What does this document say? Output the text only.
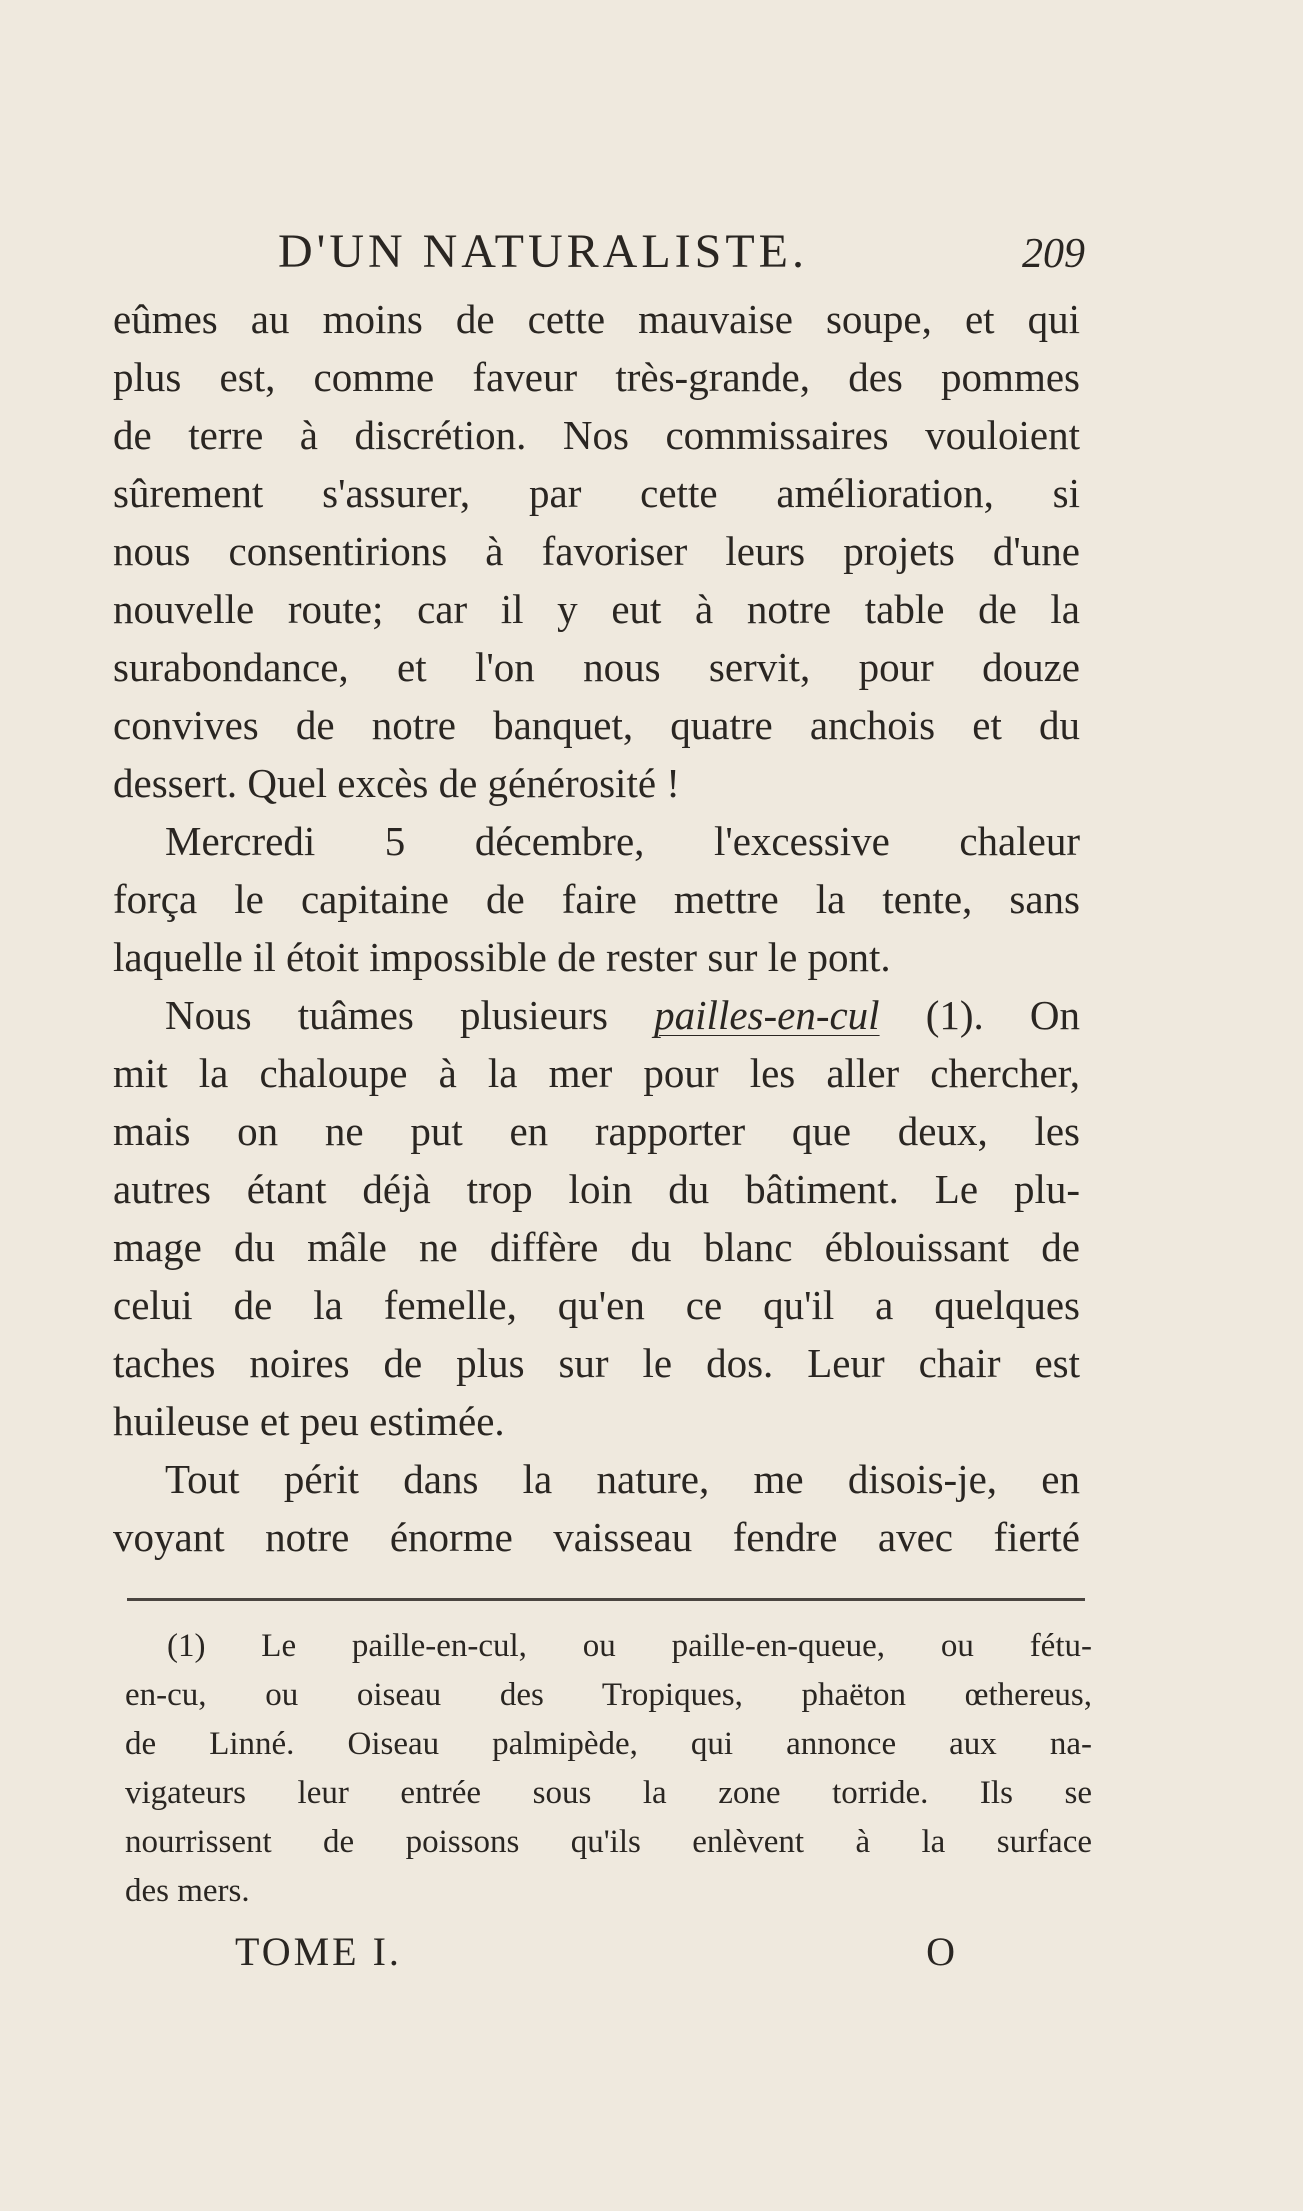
D'UN NATURALISTE.	209
eûmes au moins de cette mauvaise soupe, et qui
plus est, comme faveur très-grande, des pommes
de terre à discrétion. Nos commissaires vouloient
sûrement s'assurer, par cette amélioration, si
nous consentirions à favoriser leurs projets d'une
nouvelle route; car il y eut à notre table de la
surabondance, et l'on nous servit, pour douze
convives de notre banquet, quatre anchois et du
dessert. Quel excès de générosité !
Mercredi 5 décembre, l'excessive chaleur
força le capitaine de faire mettre la tente, sans
laquelle il étoit impossible de rester sur le pont.
Nous tuâmes plusieurs pailles-en-cul (1). On
mit la chaloupe à la mer pour les aller chercher,
mais on ne put en rapporter que deux, les
autres étant déjà trop loin du bâtiment. Le plu-
mage du mâle ne diffère du blanc éblouissant de
celui de la femelle, qu'en ce qu'il a quelques
taches noires de plus sur le dos. Leur chair est
huileuse et peu estimée.
Tout périt dans la nature, me disois-je, en
voyant notre énorme vaisseau fendre avec fierté
(1) Le paille-en-cul, ou paille-en-queue, ou fétu-
en-cu, ou oiseau des Tropiques, phaëton œthereus,
de Linné. Oiseau palmipède, qui annonce aux na-
vigateurs leur entrée sous la zone torride. Ils se
nourrissent de poissons qu'ils enlèvent à la surface
des mers.
TOME I.	O
